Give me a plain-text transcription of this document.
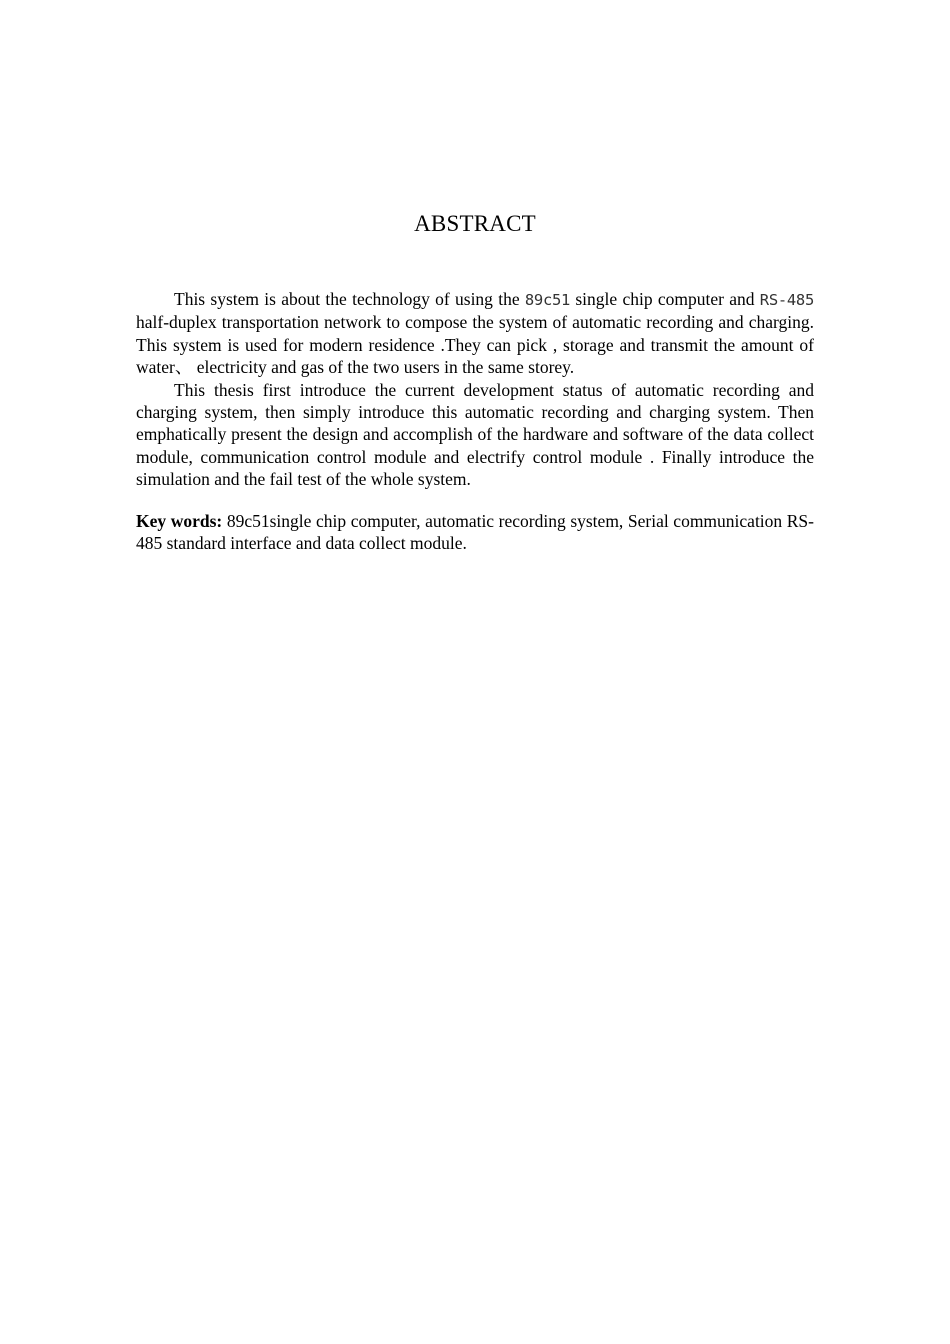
ABSTRACT

This system is about the technology of using the 89c51 single chip computer and RS-485 half-duplex transportation network to compose the system of automatic recording and charging. This system is used for modern residence .They can pick , storage and transmit the amount of water、 electricity and gas of the two users in the same storey.

This thesis first introduce the current development status of automatic recording and charging system, then simply introduce this automatic recording and charging system. Then emphatically present the design and accomplish of the hardware and software of the data collect module, communication control module and electrify control module . Finally introduce the simulation and the fail test of the whole system.

Key words: 89c51single chip computer, automatic recording system, Serial communication RS-485 standard interface and data collect module.
